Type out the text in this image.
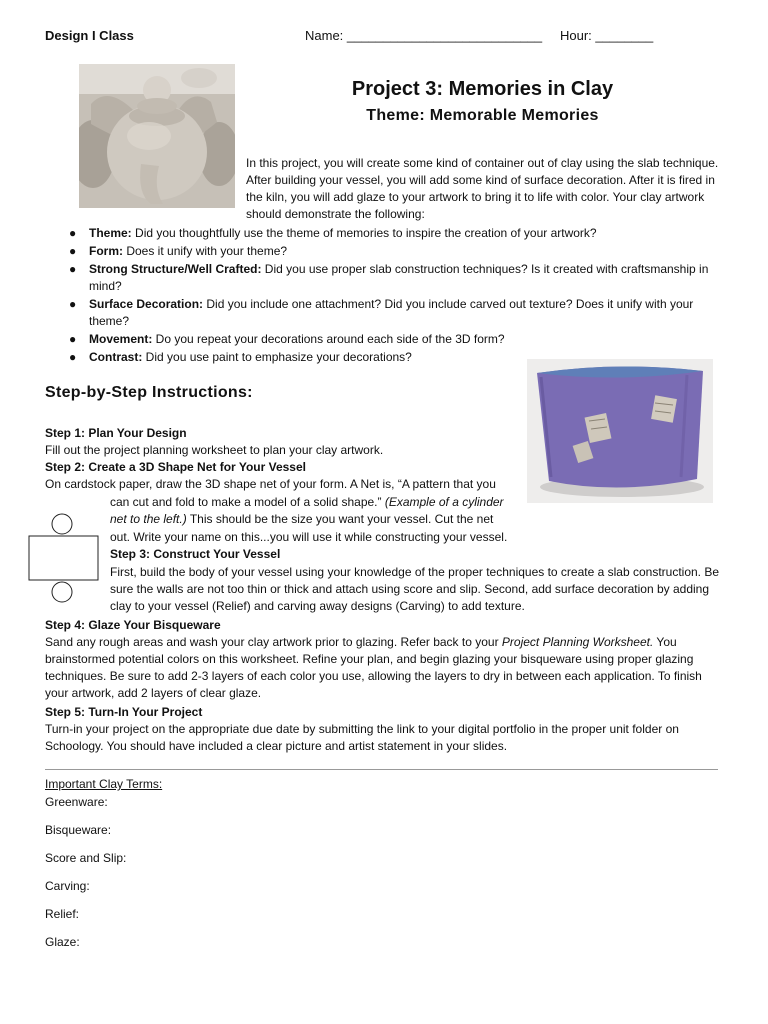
Design I Class	Name: ___________________________ Hour: ________
Project 3: Memories in Clay
Theme: Memorable Memories
In this project, you will create some kind of container out of clay using the slab technique. After building your vessel, you will add some kind of surface decoration. After it is fired in the kiln, you will add glaze to your artwork to bring it to life with color. Your clay artwork should demonstrate the following:
● Theme: Did you thoughtfully use the theme of memories to inspire the creation of your artwork?
● Form: Does it unify with your theme?
● Strong Structure/Well Crafted: Did you use proper slab construction techniques? Is it created with craftsmanship in mind?
● Surface Decoration: Did you include one attachment? Did you include carved out texture? Does it unify with your theme?
● Movement: Do you repeat your decorations around each side of the 3D form?
● Contrast: Did you use paint to emphasize your decorations?
Step-by-Step Instructions:
Step 1: Plan Your Design
Fill out the project planning worksheet to plan your clay artwork.
Step 2: Create a 3D Shape Net for Your Vessel
On cardstock paper, draw the 3D shape net of your form. A Net is, “A pattern that you
can cut and fold to make a model of a solid shape.” (Example of a cylinder
net to the left.) This should be the size you want your vessel. Cut the net
out. Write your name on this...you will use it while constructing your vessel.
Step 3: Construct Your Vessel
First, build the body of your vessel using your knowledge of the proper techniques to create a slab construction. Be sure the walls are not too thin or thick and attach using score and slip. Second, add surface decoration by adding clay to your vessel (Relief) and carving away designs (Carving) to add texture.
Step 4: Glaze Your Bisqueware
Sand any rough areas and wash your clay artwork prior to glazing. Refer back to your Project Planning Worksheet. You brainstormed potential colors on this worksheet. Refine your plan, and begin glazing your bisqueware using proper glazing techniques. Be sure to add 2-3 layers of each color you use, allowing the layers to dry in between each application. To finish your artwork, add 2 layers of clear glaze.
Step 5: Turn-In Your Project
Turn-in your project on the appropriate due date by submitting the link to your digital portfolio in the proper unit folder on Schoology. You should have included a clear picture and artist statement in your slides.
Important Clay Terms:
Greenware:
Bisqueware:
Score and Slip:
Carving:
Relief:
Glaze:
